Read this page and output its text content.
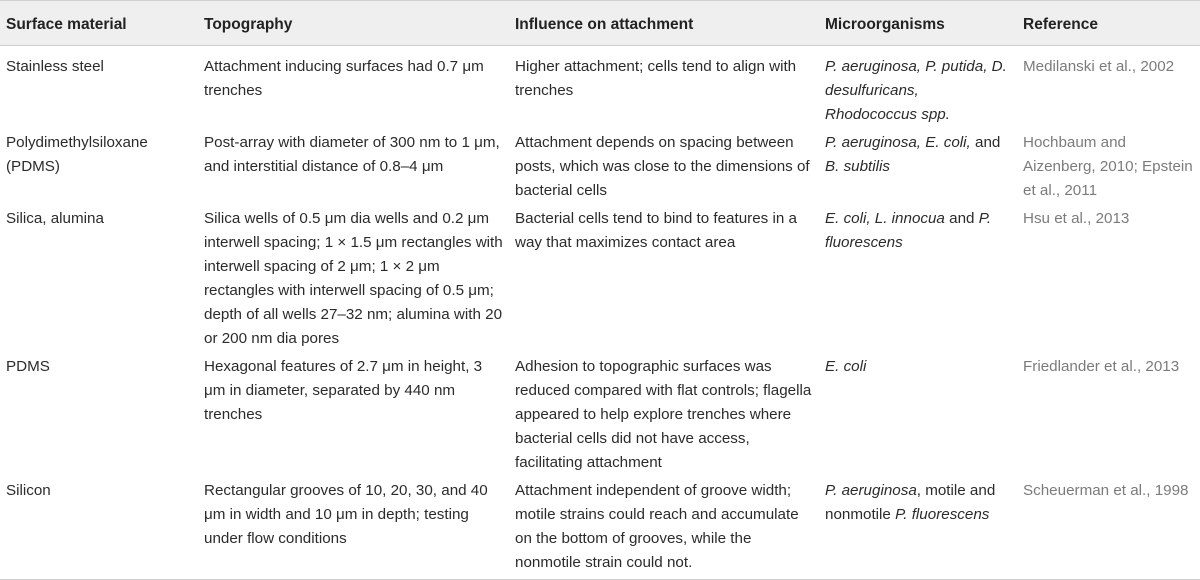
Surface material	Topography	Influence on attachment	Microorganisms	Reference
Stainless steel	Attachment inducing surfaces had 0.7 μm trenches	Higher attachment; cells tend to align with trenches	P. aeruginosa, P. putida, D. desulfuricans, Rhodococcus spp.	Medilanski et al., 2002
Polydimethylsiloxane (PDMS)	Post-array with diameter of 300 nm to 1 μm, and interstitial distance of 0.8–4 μm	Attachment depends on spacing between posts, which was close to the dimensions of bacterial cells	P. aeruginosa, E. coli, and B. subtilis	Hochbaum and Aizenberg, 2010; Epstein et al., 2011
Silica, alumina	Silica wells of 0.5 μm dia wells and 0.2 μm interwell spacing; 1 × 1.5 μm rectangles with interwell spacing of 2 μm; 1 × 2 μm rectangles with interwell spacing of 0.5 μm; depth of all wells 27–32 nm; alumina with 20 or 200 nm dia pores	Bacterial cells tend to bind to features in a way that maximizes contact area	E. coli, L. innocua and P. fluorescens	Hsu et al., 2013
PDMS	Hexagonal features of 2.7 μm in height, 3 μm in diameter, separated by 440 nm trenches	Adhesion to topographic surfaces was reduced compared with flat controls; flagella appeared to help explore trenches where bacterial cells did not have access, facilitating attachment	E. coli	Friedlander et al., 2013
Silicon	Rectangular grooves of 10, 20, 30, and 40 μm in width and 10 μm in depth; testing under flow conditions	Attachment independent of groove width; motile strains could reach and accumulate on the bottom of grooves, while the nonmotile strain could not.	P. aeruginosa, motile and nonmotile P. fluorescens	Scheuerman et al., 1998
